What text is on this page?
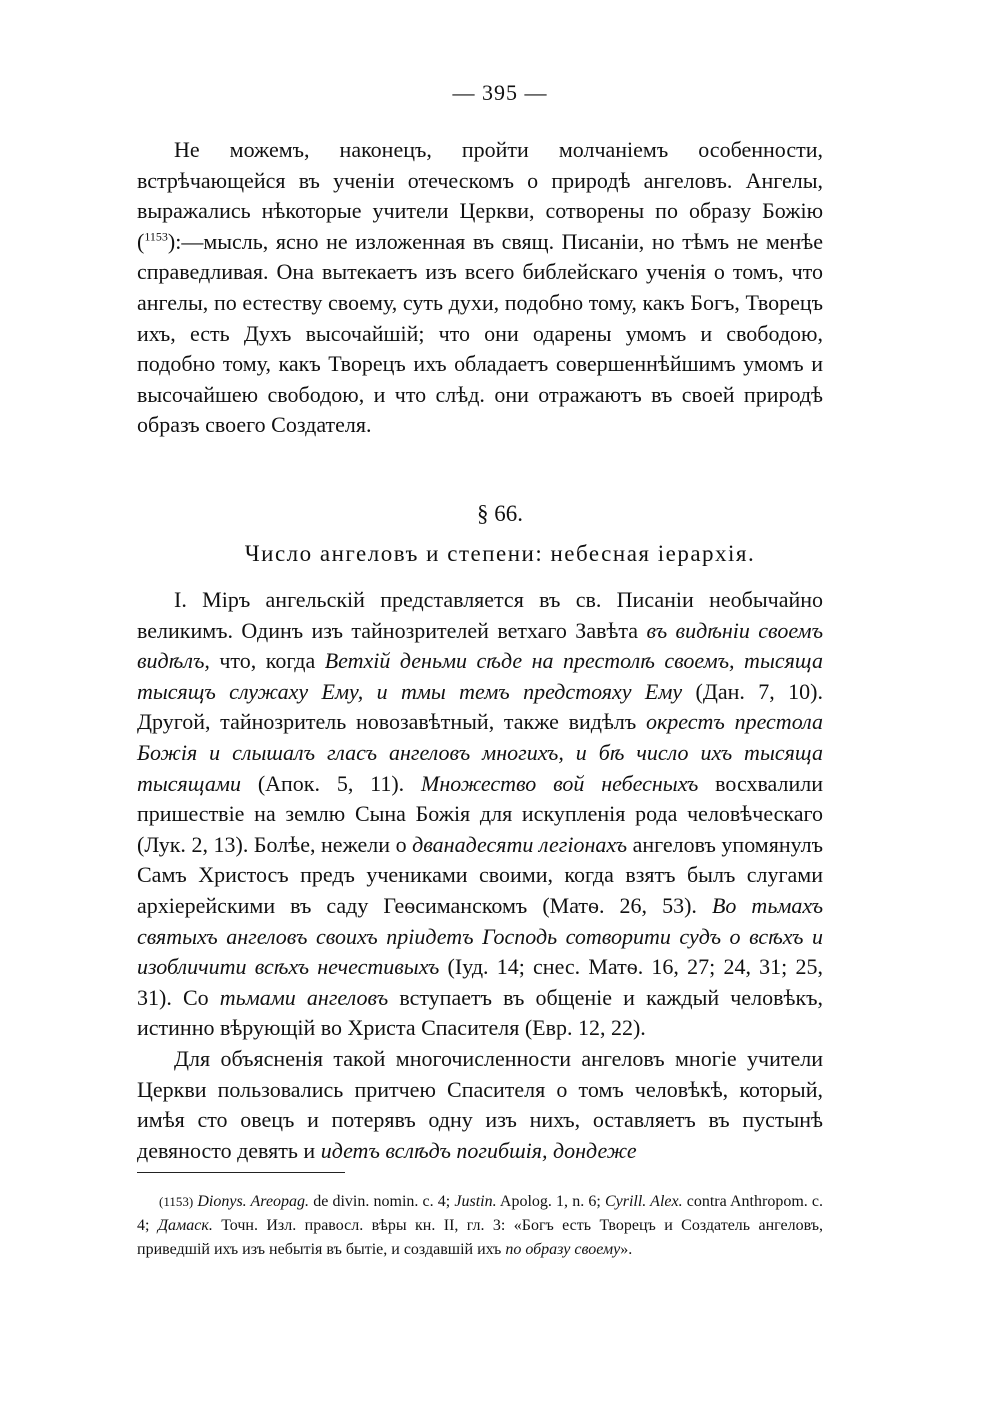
— 395 —
Не можемъ, наконецъ, пройти молчаніемъ особенности, встрѣчающейся въ ученіи отеческомъ о природѣ ангеловъ. Ангелы, выражались нѣкоторые учители Церкви, сотворены по образу Божію ($^{1153}$):—мысль, ясно не изложенная въ свящ. Писаніи, но тѣмъ не менѣе справедливая. Она вытекаетъ изъ всего библейскаго ученія о томъ, что ангелы, по естеству своему, суть духи, подобно тому, какъ Богъ, Творецъ ихъ, есть Духъ высочайшій; что они одарены умомъ и свободою, подобно тому, какъ Творецъ ихъ обладаетъ совершеннѣйшимъ умомъ и высочайшею свободою, и что слѣд. они отражаютъ въ своей природѣ образъ своего Создателя.
§ 66.
Число ангеловъ и степени: небесная іерархія.

I. Міръ ангельскій представляется въ св. Писаніи необычайно великимъ. Одинъ изъ тайнозрителей ветхаго Завѣта въ видѣніи своемъ видѣлъ, что, когда Ветхій деньми сѣде на престолѣ своемъ, тысяща тысящъ служаху Ему, и тмы темъ предстояху Ему (Дан. 7, 10). Другой, тайнозритель новозавѣтный, также видѣлъ окрестъ престола Божія и слышалъ гласъ ангеловъ многихъ, и бѣ число ихъ тысяща тысящами (Апок. 5, 11). Множество вой небесныхъ восхвалили пришествіе на землю Сына Божія для искупленія рода человѣческаго (Лук. 2, 13). Болѣе, нежели о дванадесяти легіонахъ ангеловъ упомянулъ Самъ Христосъ предъ учениками своими, когда взятъ былъ слугами архіерейскими въ саду Геѳсиманскомъ (Матѳ. 26, 53). Во тьмахъ святыхъ ангеловъ своихъ пріидетъ Господь сотворити судъ о всѣхъ и изобличити всѣхъ нечестивыхъ (Іуд. 14; снес. Матѳ. 16, 27; 24, 31; 25, 31). Со тьмами ангеловъ вступаетъ въ общеніе и каждый человѣкъ, истинно вѣрующій во Христа Спасителя (Евр. 12, 22).

Для объясненія такой многочисленности ангеловъ многіе учители Церкви пользовались притчею Спасителя о томъ человѣкѣ, который, имѣя сто овецъ и потерявъ одну изъ нихъ, оставляетъ въ пустынѣ девяносто девять и идетъ вслѣдъ погибшія, дондеже

(1153) Dionys. Areopag. de divin. nomin. c. 4; Justin. Apolog. 1, n. 6; Cyrill. Alex. contra Anthropom. c. 4; Дамаск. Точн. Изл. правосл. вѣры кн. II, гл. 3: «Богъ есть Творецъ и Создатель ангеловъ, приведшій ихъ изъ небытія въ бытіе, и создавшій ихъ по образу своему».
